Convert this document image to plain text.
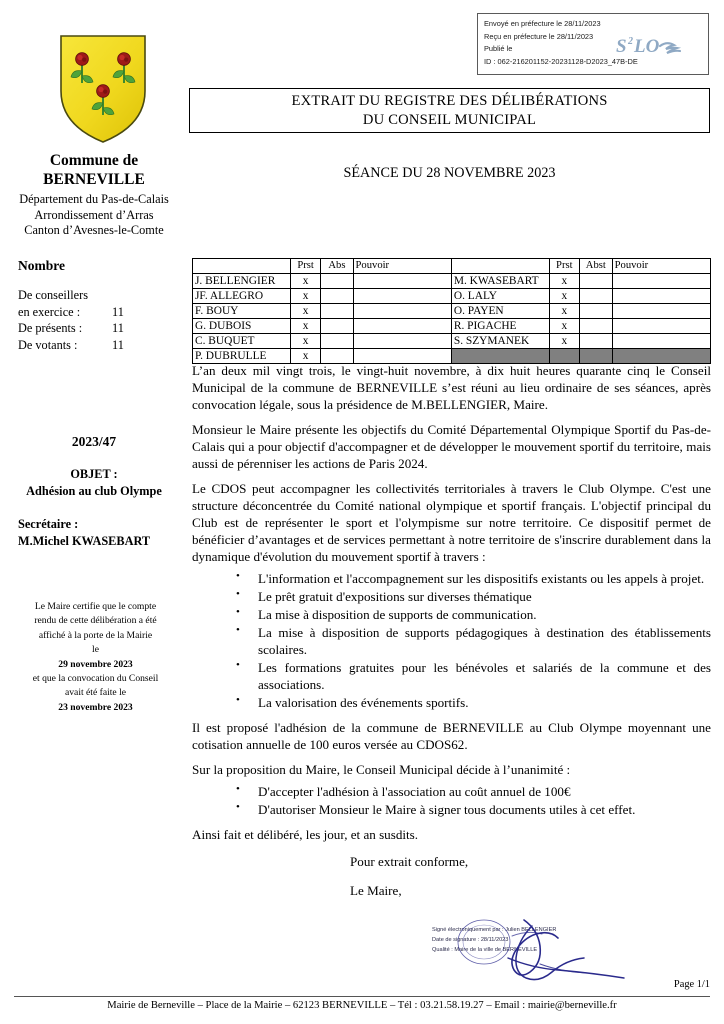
Envoyé en préfecture le 28/11/2023
Reçu en préfecture le 28/11/2023
Publié le
ID : 062-216201152-20231128-D2023_47B-DE
S 2 LO
Commune de
BERNEVILLE
Département du Pas-de-Calais
Arrondissement d’Arras
Canton d’Avesnes-le-Comte
Nombre
De conseillers
en exercice :	11
De présents :	11
De votants :	11
2023/47
OBJET :
Adhésion au club Olympe
Secrétaire :
M.Michel KWASEBART
Le Maire certifie que le compte
rendu de cette délibération a été
affiché à la porte de la Mairie
le
29 novembre 2023
et que la convocation du Conseil
avait été faite le
23 novembre 2023
EXTRAIT DU REGISTRE DES DÉLIBÉRATIONS
DU CONSEIL MUNICIPAL
SÉANCE DU 28 NOVEMBRE 2023
	Prst	Abs	Pouvoir		Prst	Abst	Pouvoir
J. BELLENGIER	x			M. KWASEBART	x		
JF. ALLEGRO	x			O. LALY	x		
F. BOUY	x			O. PAYEN	x		
G. DUBOIS	x			R. PIGACHE	x		
C. BUQUET	x			S. SZYMANEK	x		
P. DUBRULLE	x						

L’an deux mil vingt trois, le vingt-huit novembre, à dix huit heures quarante cinq le Conseil Municipal de la commune de BERNEVILLE s’est réuni au lieu ordinaire de ses séances, après convocation légale, sous la présidence de M.BELLENGIER, Maire.

Monsieur le Maire présente les objectifs du Comité Départemental Olympique Sportif du Pas-de-Calais qui a pour objectif d'accompagner et de développer le mouvement sportif du territoire, mais aussi de pérenniser les actions de Paris 2024.

Le CDOS peut accompagner les collectivités territoriales à travers le Club Olympe. C'est une structure déconcentrée du Comité national olympique et sportif français. L'objectif principal du Club est de représenter le sport et l'olympisme sur notre territoire. Ce dispositif permet de bénéficier d’avantages et de services permettant à notre territoire de s'inscrire durablement dans la dynamique d'évolution du mouvement sportif à travers :

• L'information et l'accompagnement sur les dispositifs existants ou les appels à projet.
• Le prêt gratuit d'expositions sur diverses thématique
• La mise à disposition de supports de communication.
• La mise à disposition de supports pédagogiques à destination des établissements scolaires.
• Les formations gratuites pour les bénévoles et salariés de la commune et des associations.
• La valorisation des événements sportifs.

Il est proposé l'adhésion de la commune de BERNEVILLE au Club Olympe moyennant une cotisation annuelle de 100 euros versée au CDOS62.

Sur la proposition du Maire, le Conseil Municipal décide à l’unanimité :

• D'accepter l'adhésion à l'association au coût annuel de 100€
• D'autoriser Monsieur le Maire à signer tous documents utiles à cet effet.

Ainsi fait et délibéré, les jour, et an susdits.

Pour extrait conforme,
Le Maire,
Signé électroniquement par : Julien BELLENGIER
Date de signature : 28/11/2023
Qualité : Maire de la ville de BERNEVILLE
Page 1/1
Mairie de Berneville – Place de la Mairie – 62123 BERNEVILLE – Tél : 03.21.58.19.27 – Email : mairie@berneville.fr
